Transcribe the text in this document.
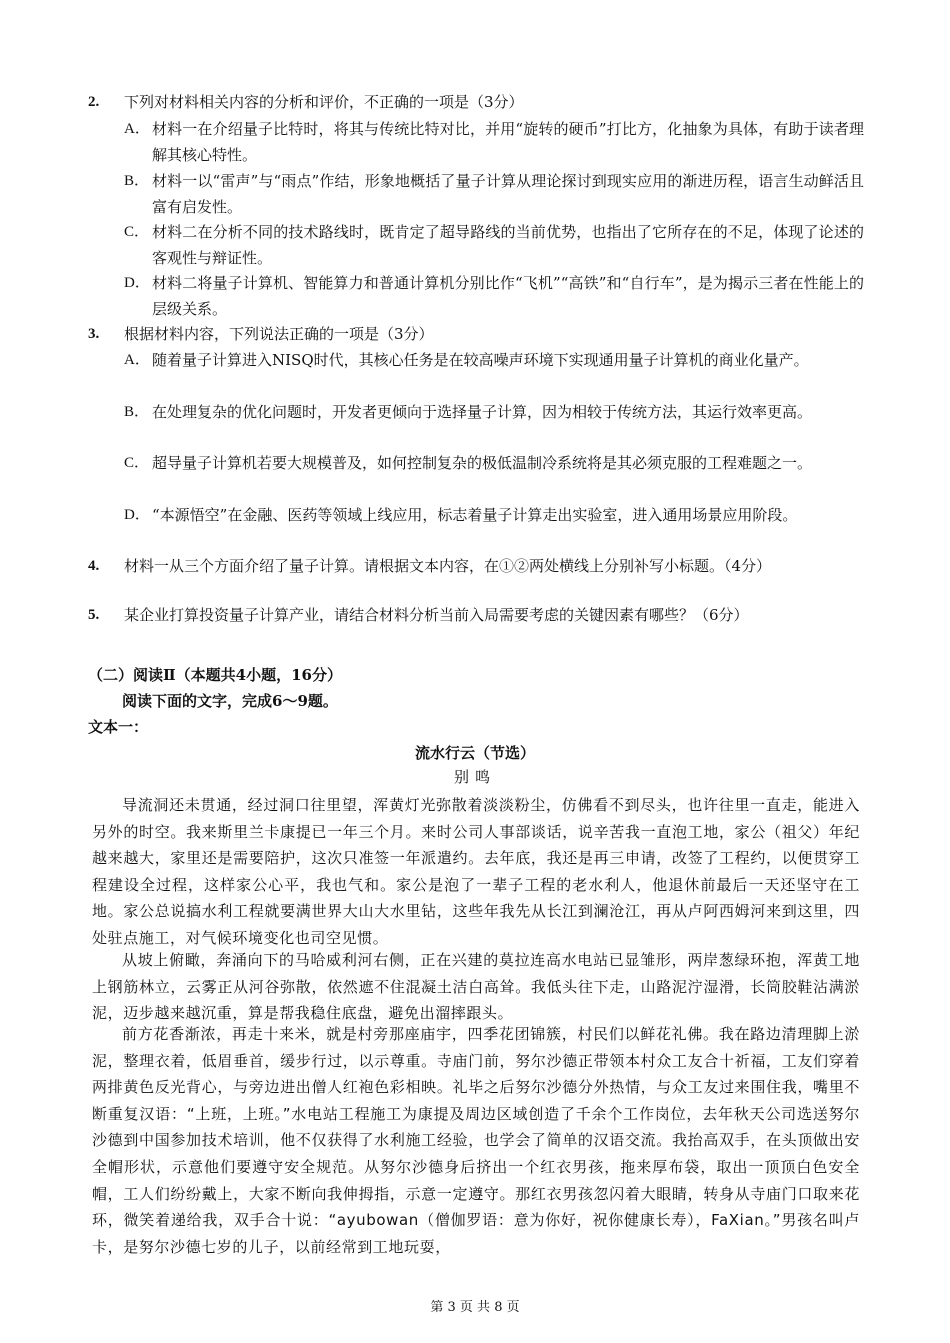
2. 下列对材料相关内容的分析和评价，不正确的一项是（3分）
A． 材料一在介绍量子比特时，将其与传统比特对比，并用“旋转的硬币”打比方，化抽象为具体，有助于读者理解其核心特性。
B． 材料一以“雷声”与“雨点”作结，形象地概括了量子计算从理论探讨到现实应用的渐进历程，语言生动鲜活且富有启发性。
C． 材料二在分析不同的技术路线时，既肯定了超导路线的当前优势，也指出了它所存在的不足，体现了论述的客观性与辩证性。
D． 材料二将量子计算机、智能算力和普通计算机分别比作“飞机”“高铁”和“自行车”，是为揭示三者在性能上的层级关系。
3. 根据材料内容，下列说法正确的一项是（3分）
A． 随着量子计算进入NISQ时代，其核心任务是在较高噪声环境下实现通用量子计算机的商业化量产。
B． 在处理复杂的优化问题时，开发者更倾向于选择量子计算，因为相较于传统方法，其运行效率更高。
C． 超导量子计算机若要大规模普及，如何控制复杂的极低温制冷系统将是其必须克服的工程难题之一。
D． “本源悟空”在金融、医药等领域上线应用，标志着量子计算走出实验室，进入通用场景应用阶段。
4. 材料一从三个方面介绍了量子计算。请根据文本内容，在①②两处横线上分别补写小标题。（4分）
5. 某企业打算投资量子计算产业，请结合材料分析当前入局需要考虑的关键因素有哪些？（6分）
（二）阅读Ⅱ（本题共4小题，16分）
阅读下面的文字，完成6～9题。
文本一：
流水行云（节选）
别鸣
导流洞还未贯通，经过洞口往里望，浑黄灯光弥散着淡淡粉尘，仿佛看不到尽头，也许往里一直走，能进入另外的时空。我来斯里兰卡康提已一年三个月。来时公司人事部谈话，说辛苦我一直泡工地，家公（祖父）年纪越来越大，家里还是需要陪护，这次只准签一年派遣约。去年底，我还是再三申请，改签了工程约，以便贯穿工程建设全过程，这样家公心平，我也气和。家公是泡了一辈子工程的老水利人，他退休前最后一天还坚守在工地。家公总说搞水利工程就要满世界大山大水里钻，这些年我先从长江到澜沧江，再从卢阿西姆河来到这里，四处驻点施工，对气候环境变化也司空见惯。
从坡上俯瞰，奔涌向下的马哈威利河右侧，正在兴建的莫拉连高水电站已显雏形，两岸葱绿环抱，浑黄工地上钢筋林立，云雾正从河谷弥散，依然遮不住混凝土洁白高耸。我低头往下走，山路泥泞湿滑，长筒胶鞋沾满淤泥，迈步越来越沉重，算是帮我稳住底盘，避免出溜摔跟头。
前方花香渐浓，再走十来米，就是村旁那座庙宇，四季花团锦簇，村民们以鲜花礼佛。我在路边清理脚上淤泥，整理衣着，低眉垂首，缓步行过，以示尊重。寺庙门前，努尔沙德正带领本村众工友合十祈福，工友们穿着两排黄色反光背心，与旁边进出僧人红袍色彩相映。礼毕之后努尔沙德分外热情，与众工友过来围住我，嘴里不断重复汉语：“上班，上班。”水电站工程施工为康提及周边区域创造了千余个工作岗位，去年秋天公司选送努尔沙德到中国参加技术培训，他不仅获得了水利施工经验，也学会了简单的汉语交流。我抬高双手，在头顶做出安全帽形状，示意他们要遵守安全规范。从努尔沙德身后挤出一个红衣男孩，拖来厚布袋，取出一顶顶白色安全帽，工人们纷纷戴上，大家不断向我伸拇指，示意一定遵守。那红衣男孩忽闪着大眼睛，转身从寺庙门口取来花环，微笑着递给我，双手合十说：“ayubowan（僧伽罗语：意为你好，祝你健康长寿），FaXian。”男孩名叫卢卡，是努尔沙德七岁的儿子，以前经常到工地玩耍，
第 3 页 共 8 页
